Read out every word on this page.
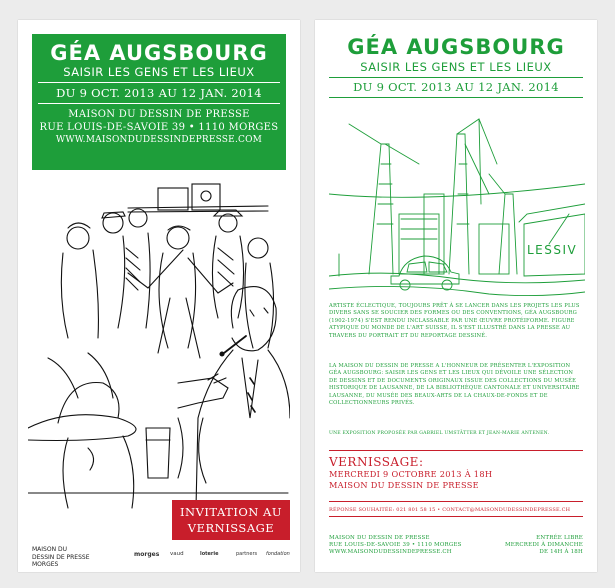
GÉA AUGSBOURG
SAISIR LES GENS ET LES LIEUX
DU 9 OCT. 2013 AU 12 JAN. 2014
MAISON DU DESSIN DE PRESSE
RUE LOUIS-DE-SAVOIE 39 • 1110 MORGES
WWW.MAISONDUDESSINDEPRESSE.COM
INVITATION AU
VERNISSAGE
MAISON DU
DESSIN DE PRESSE
MORGES
morges vaud	loterie	partners fondation
GÉA AUGSBOURG
SAISIR LES GENS ET LES LIEUX
DU 9 OCT. 2013 AU 12 JAN. 2014
LESSIV
ARTISTE ÉCLECTIQUE, TOUJOURS PRÊT À SE LANCER DANS LES PROJETS LES PLUS DIVERS SANS SE SOUCIER DES FORMES OU DES CONVENTIONS, GÉA AUGSBOURG (1902-1974) S'EST RENDU INCLASSABLE PAR UNE ŒUVRE PROTÉIFORME. FIGURE ATYPIQUE DU MONDE DE L'ART SUISSE, IL S'EST ILLUSTRÉ DANS LA PRESSE AU TRAVERS DU PORTRAIT ET DU REPORTAGE DESSINÉ.
LA MAISON DU DESSIN DE PRESSE A L'HONNEUR DE PRÉSENTER L'EXPOSITION GÉA AUGSBOURG: SAISIR LES GENS ET LES LIEUX QUI DÉVOILE UNE SÉLECTION DE DESSINS ET DE DOCUMENTS ORIGINAUX ISSUE DES COLLECTIONS DU MUSÉE HISTORIQUE DE LAUSANNE, DE LA BIBLIOTHÈQUE CANTONALE ET UNIVERSITAIRE LAUSANNE, DU MUSÉE DES BEAUX-ARTS DE LA CHAUX-DE-FONDS ET DE COLLECTIONNEURS PRIVÉS.
UNE EXPOSITION PROPOSÉE PAR GABRIEL UMSTÄTTER ET JEAN-MARIE ANTENEN.
VERNISSAGE:
MERCREDI 9 OCTOBRE 2013 À 18H
MAISON DU DESSIN DE PRESSE
RÉPONSE SOUHAITÉE: 021 801 58 15 • CONTACT@MAISONDUDESSINDEPRESSE.CH
MAISON DU DESSIN DE PRESSE
RUE LOUIS-DE-SAVOIE 39 • 1110 MORGES
WWW.MAISONDUDESSINDEPRESSE.CH
ENTRÉE LIBRE
MERCREDI À DIMANCHE
DE 14H À 18H
